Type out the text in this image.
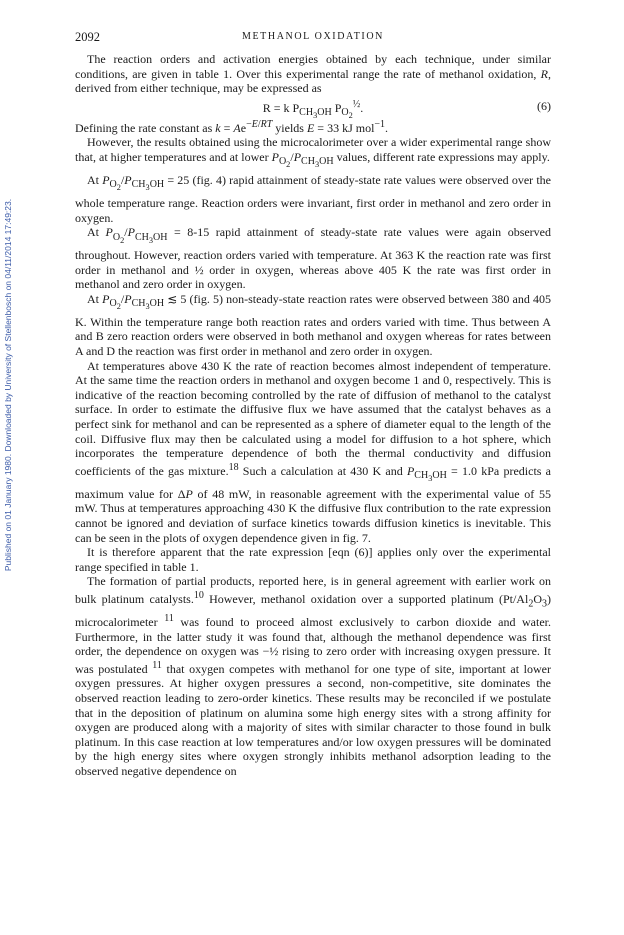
Published on 01 January 1980. Downloaded by University of Stellenbosch on 04/11/2014 17:49:23.
2092	METHANOL OXIDATION

The reaction orders and activation energies obtained by each technique, under similar conditions, are given in table 1. Over this experimental range the rate of methanol oxidation, R, derived from either technique, may be expressed as

R = k $P_{CH_3OH}$ $P_{O_2}^{\frac{1}{2}}$.	(6)

Defining the rate constant as $k = Ae^{-E/RT}$ yields E = 33 kJ mol$^{-1}$.

However, the results obtained using the microcalorimeter over a wider experimental range show that, at higher temperatures and at lower $P_{O_2}/P_{CH_3OH}$ values, different rate expressions may apply.

At $P_{O_2}/P_{CH_3OH} = 25$ (fig. 4) rapid attainment of steady-state rate values were observed over the whole temperature range. Reaction orders were invariant, first order in methanol and zero order in oxygen.

At $P_{O_2}/P_{CH_3OH} = 8-15$ rapid attainment of steady-state rate values were again observed throughout. However, reaction orders varied with temperature. At 363 K the reaction rate was first order in methanol and ½ order in oxygen, whereas above 405 K the rate was first order in methanol and zero order in oxygen.

At $P_{O_2}/P_{CH_3OH}$ ≲ 5 (fig. 5) non-steady-state reaction rates were observed between 380 and 405 K. Within the temperature range both reaction rates and orders varied with time. Thus between A and B zero reaction orders were observed in both methanol and oxygen whereas for rates between A and D the reaction was first order in methanol and zero order in oxygen.

At temperatures above 430 K the rate of reaction becomes almost independent of temperature. At the same time the reaction orders in methanol and oxygen become 1 and 0, respectively. This is indicative of the reaction becoming controlled by the rate of diffusion of methanol to the catalyst surface. In order to estimate the diffusive flux we have assumed that the catalyst behaves as a perfect sink for methanol and can be represented as a sphere of diameter equal to the length of the coil. Diffusive flux may then be calculated using a model for diffusion to a hot sphere, which incorporates the temperature dependence of both the thermal conductivity and diffusion coefficients of the gas mixture.$^{18}$ Such a calculation at 430 K and $P_{CH_3OH} = 1.0$ kPa predicts a maximum value for ΔP of 48 mW, in reasonable agreement with the experimental value of 55 mW. Thus at temperatures approaching 430 K the diffusive flux contribution to the rate expression cannot be ignored and deviation of surface kinetics towards diffusion kinetics is inevitable. This can be seen in the plots of oxygen dependence given in fig. 7.

It is therefore apparent that the rate expression [eqn (6)] applies only over the experimental range specified in table 1.

The formation of partial products, reported here, is in general agreement with earlier work on bulk platinum catalysts.$^{10}$ However, methanol oxidation over a supported platinum $(Pt/Al_2O_3)$ microcalorimeter $^{11}$ was found to proceed almost exclusively to carbon dioxide and water. Furthermore, in the latter study it was found that, although the methanol dependence was first order, the dependence on oxygen was −½ rising to zero order with increasing oxygen pressure. It was postulated $^{11}$ that oxygen competes with methanol for one type of site, important at lower oxygen pressures. At higher oxygen pressures a second, non-competitive, site dominates the observed reaction leading to zero-order kinetics. These results may be reconciled if we postulate that in the deposition of platinum on alumina some high energy sites with a strong affinity for oxygen are produced along with a majority of sites with similar character to those found in bulk platinum. In this case reaction at low temperatures and/or low oxygen pressures will be dominated by the high energy sites where oxygen strongly inhibits methanol adsorption leading to the observed negative dependence on
